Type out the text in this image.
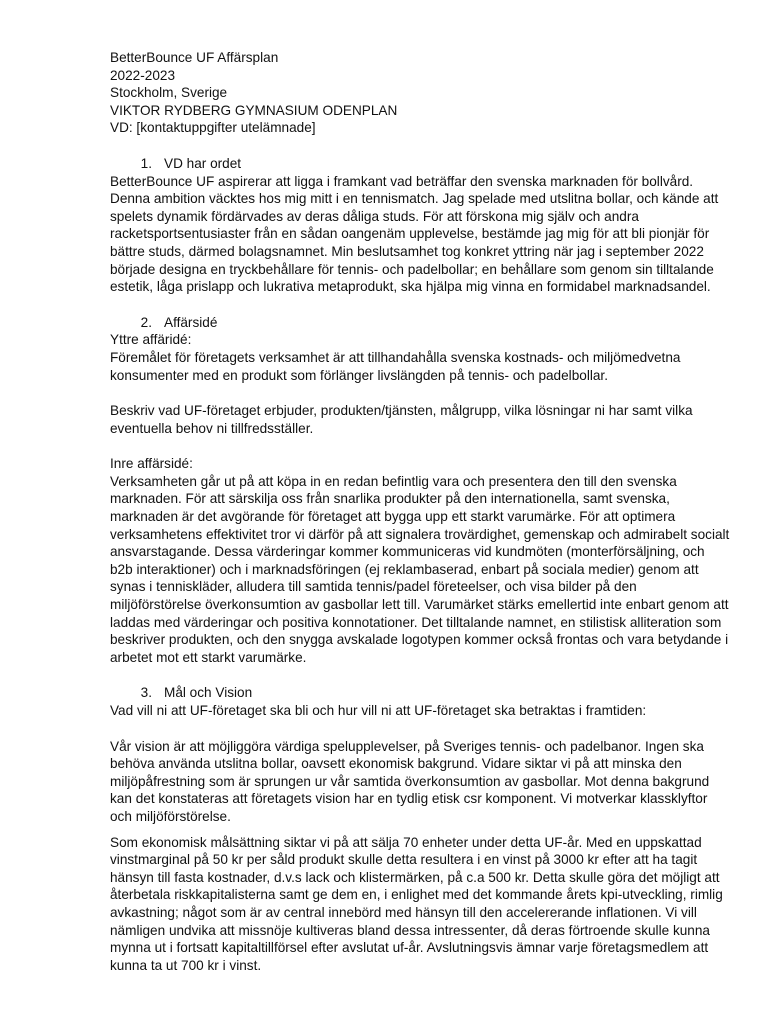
BetterBounce UF Affärsplan
2022-2023
Stockholm, Sverige
VIKTOR RYDBERG GYMNASIUM ODENPLAN
VD: [kontaktuppgifter utelämnade]
1. VD har ordet

BetterBounce UF aspirerar att ligga i framkant vad beträffar den svenska marknaden för bollvård. Denna ambition väcktes hos mig mitt i en tennismatch. Jag spelade med utslitna bollar, och kände att spelets dynamik fördärvades av deras dåliga studs. För att förskona mig själv och andra racketsportsentusiaster från en sådan oangenäm upplevelse, bestämde jag mig för att bli pionjär för bättre studs, därmed bolagsnamnet. Min beslutsamhet tog konkret yttring när jag i september 2022 började designa en tryckbehållare för tennis- och padelbollar; en behållare som genom sin tilltalande estetik, låga prislapp och lukrativa metaprodukt, ska hjälpa mig vinna en formidabel marknadsandel.

2. Affärsidé
Yttre affäridé:

Föremålet för företagets verksamhet är att tillhandahålla svenska kostnads- och miljömedvetna konsumenter med en produkt som förlänger livslängden på tennis- och padelbollar.

Beskriv vad UF-företaget erbjuder, produkten/tjänsten, målgrupp, vilka lösningar ni har samt vilka eventuella behov ni tillfredsställer.

Inre affärsidé:

Verksamheten går ut på att köpa in en redan befintlig vara och presentera den till den svenska marknaden. För att särskilja oss från snarlika produkter på den internationella, samt svenska, marknaden är det avgörande för företaget att bygga upp ett starkt varumärke. För att optimera verksamhetens effektivitet tror vi därför på att signalera trovärdighet, gemenskap och admirabelt socialt ansvarstagande. Dessa värderingar kommer kommuniceras vid kundmöten (monterförsäljning, och b2b interaktioner) och i marknadsföringen (ej reklambaserad, enbart på sociala medier) genom att synas i tenniskläder, alludera till samtida tennis/padel företeelser, och visa bilder på den miljöförstörelse överkonsumtion av gasbollar lett till. Varumärket stärks emellertid inte enbart genom att laddas med värderingar och positiva konnotationer. Det tilltalande namnet, en stilistisk alliteration som beskriver produkten, och den snygga avskalade logotypen kommer också frontas och vara betydande i arbetet mot ett starkt varumärke.

3. Mål och Vision

Vad vill ni att UF-företaget ska bli och hur vill ni att UF-företaget ska betraktas i framtiden:

Vår vision är att möjliggöra värdiga spelupplevelser, på Sveriges tennis- och padelbanor. Ingen ska behöva använda utslitna bollar, oavsett ekonomisk bakgrund. Vidare siktar vi på att minska den miljöpåfrestning som är sprungen ur vår samtida överkonsumtion av gasbollar. Mot denna bakgrund kan det konstateras att företagets vision har en tydlig etisk csr komponent. Vi motverkar klassklyftor och miljöförstörelse.

Som ekonomisk målsättning siktar vi på att sälja 70 enheter under detta UF-år. Med en uppskattad vinstmarginal på 50 kr per såld produkt skulle detta resultera i en vinst på 3000 kr efter att ha tagit hänsyn till fasta kostnader, d.v.s lack och klistermärken, på c.a 500 kr. Detta skulle göra det möjligt att återbetala riskkapitalisterna samt ge dem en, i enlighet med det kommande årets kpi-utveckling, rimlig avkastning; något som är av central innebörd med hänsyn till den accelererande inflationen. Vi vill nämligen undvika att missnöje kultiveras bland dessa intressenter, då deras förtroende skulle kunna mynna ut i fortsatt kapitaltillförsel efter avslutat uf-år. Avslutningsvis ämnar varje företagsmedlem att kunna ta ut 700 kr i vinst.
